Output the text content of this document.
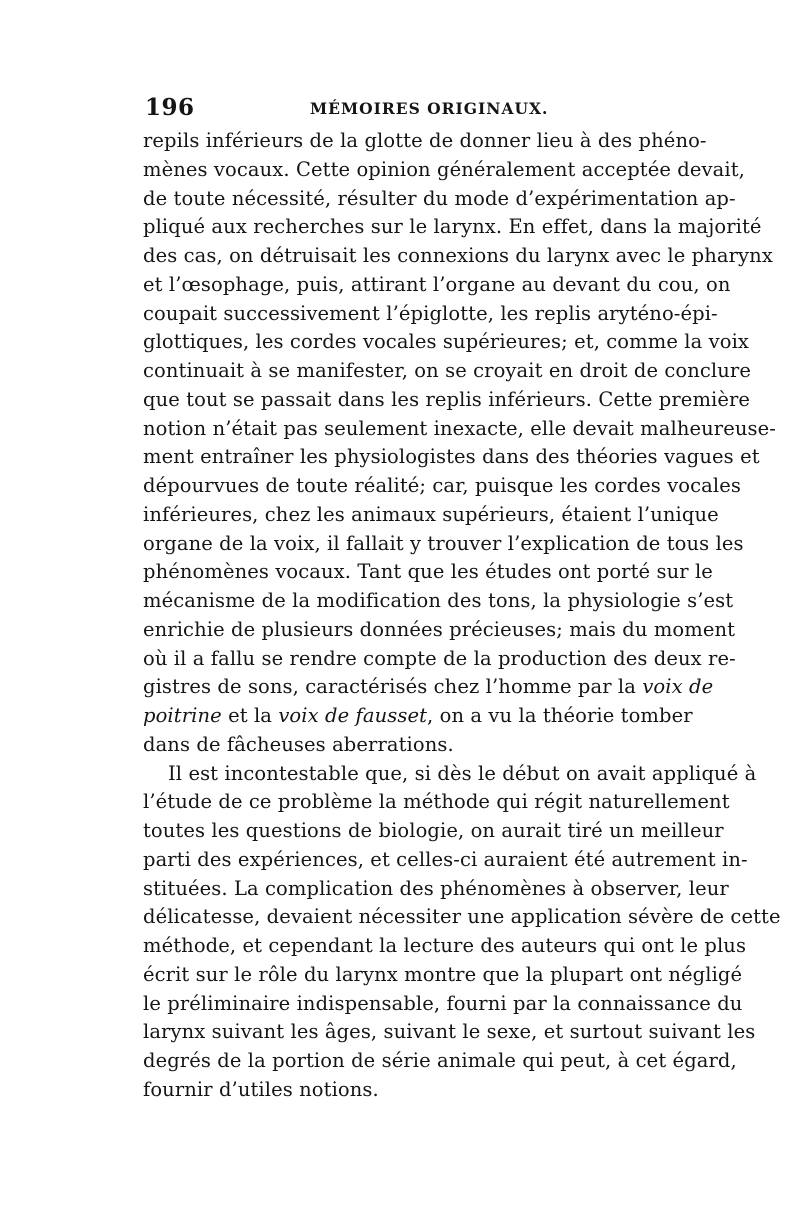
196	MÉMOIRES ORIGINAUX.
repils inférieurs de la glotte de donner lieu à des phéno-
mènes vocaux. Cette opinion généralement acceptée devait,
de toute nécessité, résulter du mode d’expérimentation ap-
pliqué aux recherches sur le larynx. En effet, dans la majorité
des cas, on détruisait les connexions du larynx avec le pharynx
et l’œsophage, puis, attirant l’organe au devant du cou, on
coupait successivement l’épiglotte, les replis aryténo-épi-
glottiques, les cordes vocales supérieures; et, comme la voix
continuait à se manifester, on se croyait en droit de conclure
que tout se passait dans les replis inférieurs. Cette première
notion n’était pas seulement inexacte, elle devait malheureuse-
ment entraîner les physiologistes dans des théories vagues et
dépourvues de toute réalité; car, puisque les cordes vocales
inférieures, chez les animaux supérieurs, étaient l’unique
organe de la voix, il fallait y trouver l’explication de tous les
phénomènes vocaux. Tant que les études ont porté sur le
mécanisme de la modification des tons, la physiologie s’est
enrichie de plusieurs données précieuses; mais du moment
où il a fallu se rendre compte de la production des deux re-
gistres de sons, caractérisés chez l’homme par la voix de
poitrine et la voix de fausset, on a vu la théorie tomber
dans de fâcheuses aberrations.
Il est incontestable que, si dès le début on avait appliqué à
l’étude de ce problème la méthode qui régit naturellement
toutes les questions de biologie, on aurait tiré un meilleur
parti des expériences, et celles-ci auraient été autrement in-
stituées. La complication des phénomènes à observer, leur
délicatesse, devaient nécessiter une application sévère de cette
méthode, et cependant la lecture des auteurs qui ont le plus
écrit sur le rôle du larynx montre que la plupart ont négligé
le préliminaire indispensable, fourni par la connaissance du
larynx suivant les âges, suivant le sexe, et surtout suivant les
degrés de la portion de série animale qui peut, à cet égard,
fournir d’utiles notions.
